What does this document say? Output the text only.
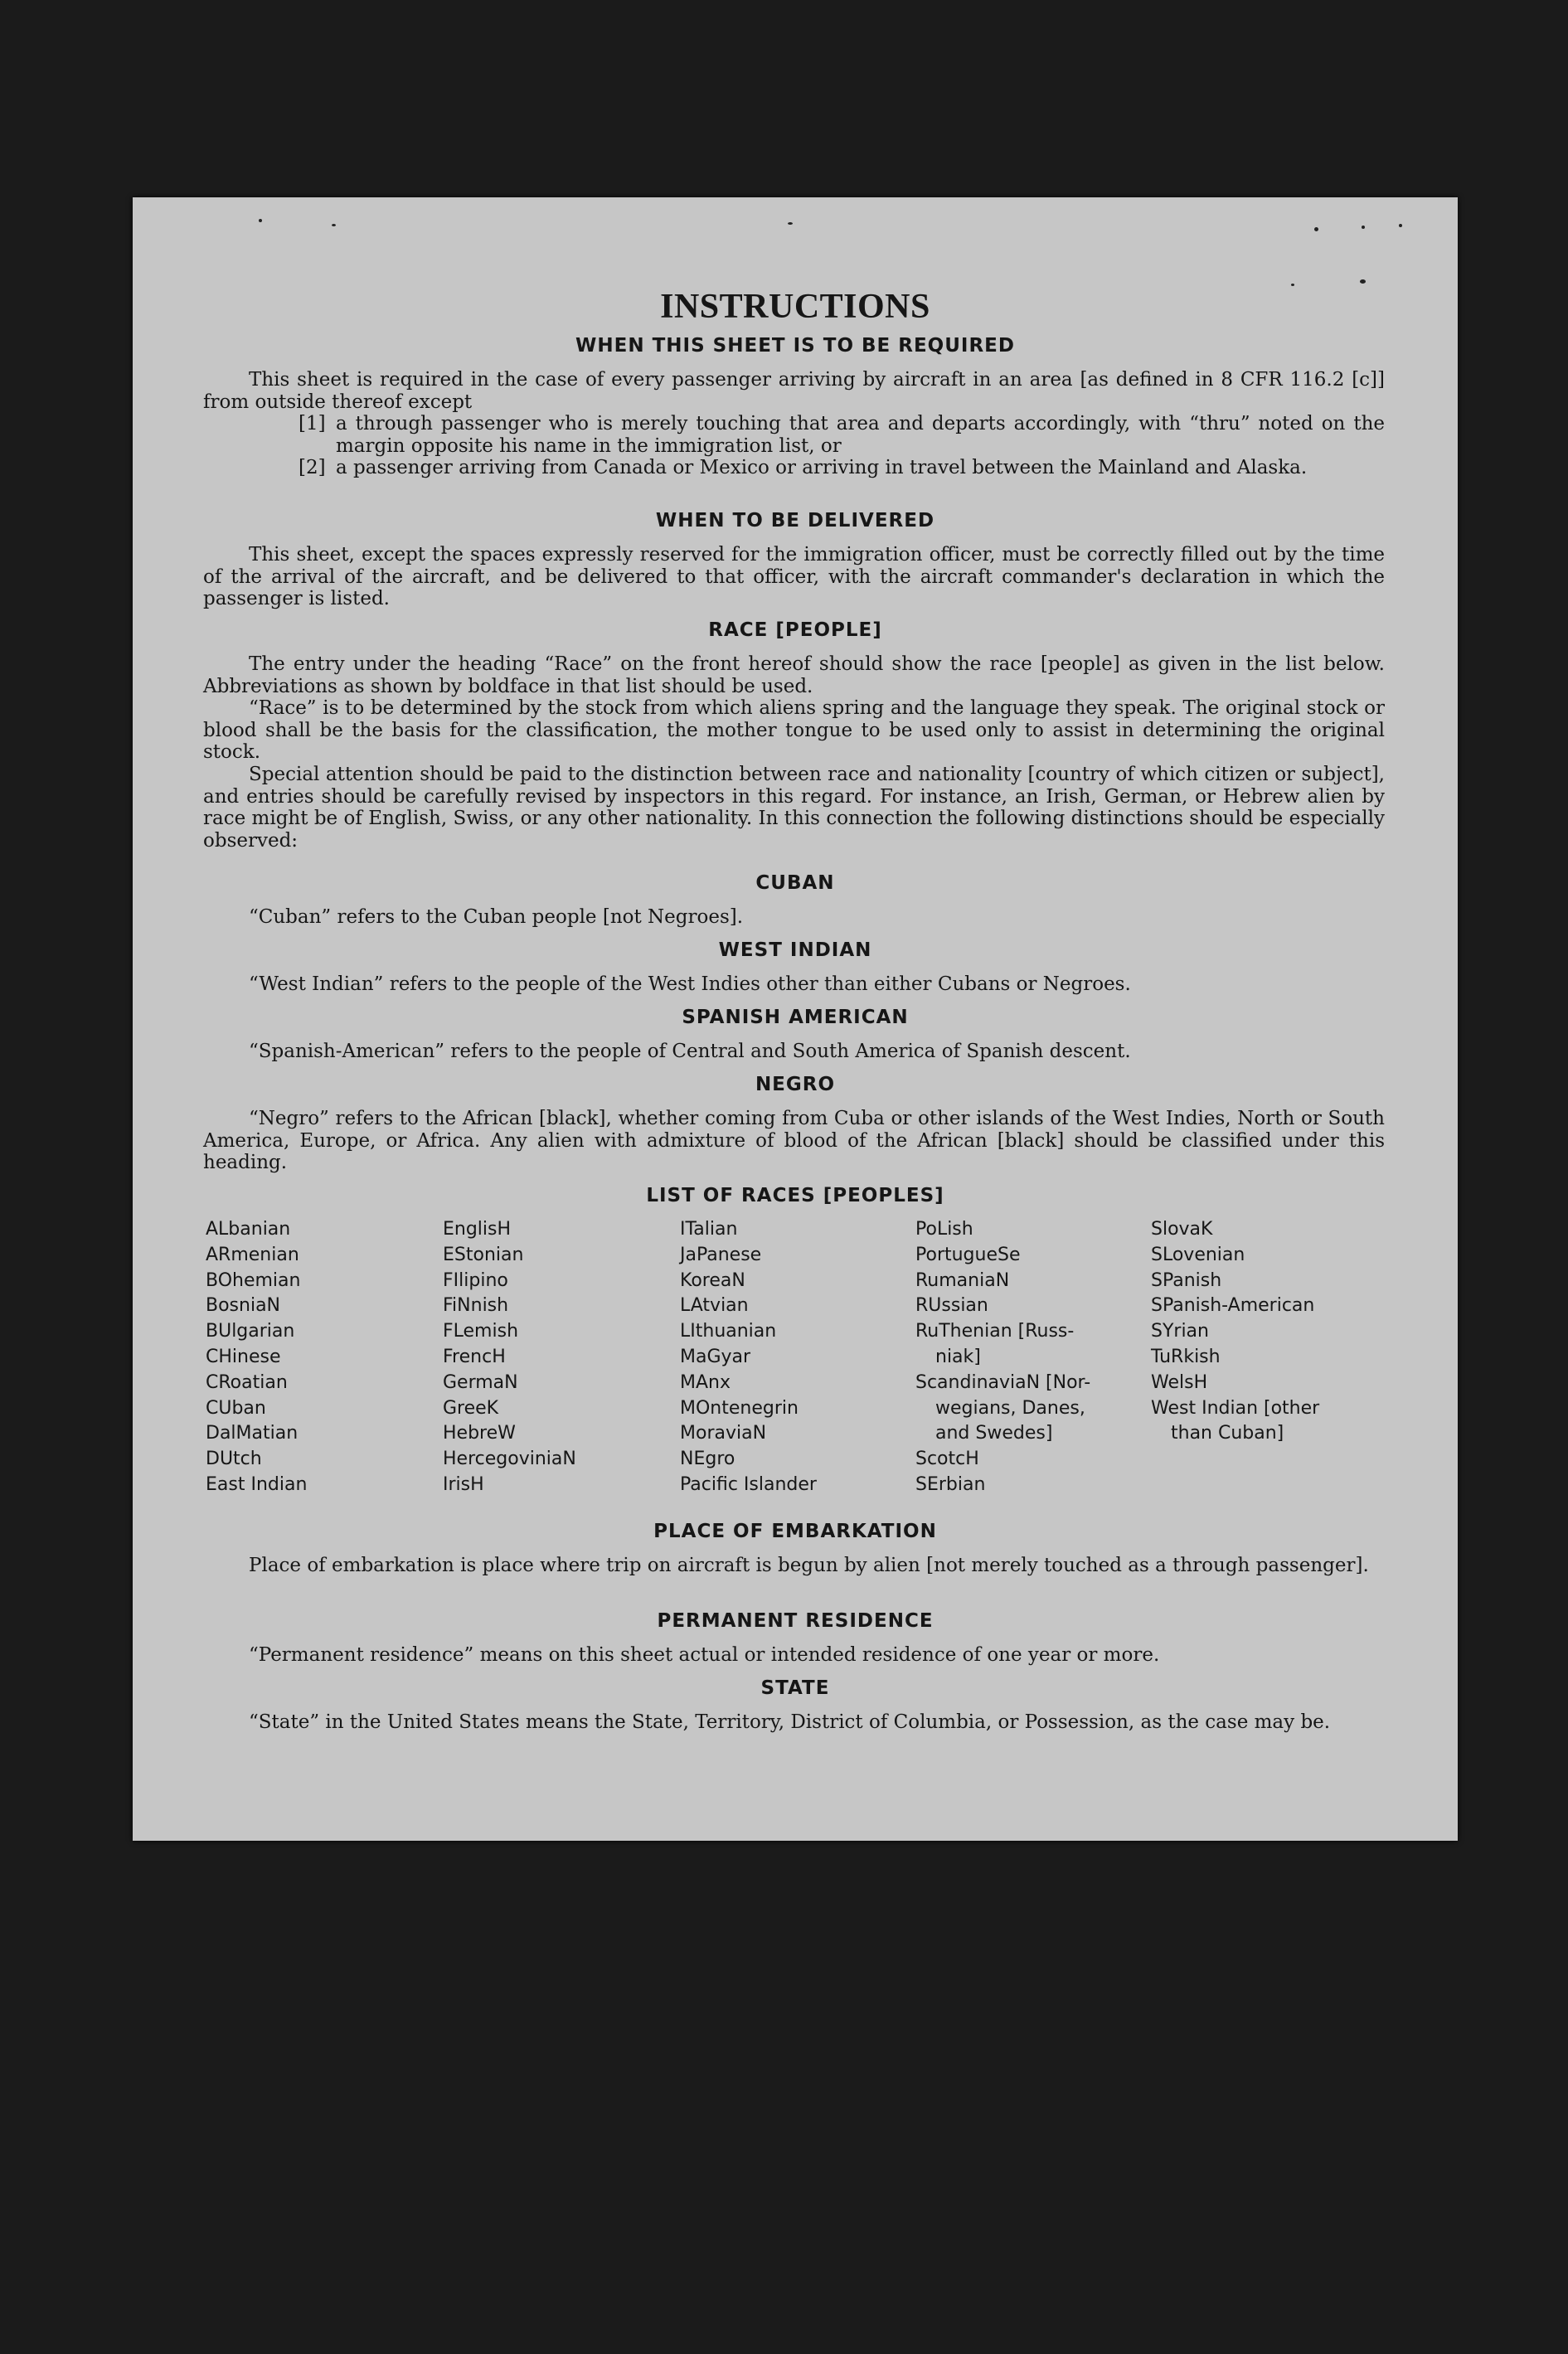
INSTRUCTIONS
WHEN THIS SHEET IS TO BE REQUIRED
This sheet is required in the case of every passenger arriving by aircraft in an area [as defined in 8 CFR 116.2 [c]] from outside thereof except
[1] a through passenger who is merely touching that area and departs accordingly, with “thru” noted on the margin opposite his name in the immigration list, or
[2] a passenger arriving from Canada or Mexico or arriving in travel between the Mainland and Alaska.
WHEN TO BE DELIVERED
This sheet, except the spaces expressly reserved for the immigration officer, must be correctly filled out by the time of the arrival of the aircraft, and be delivered to that officer, with the aircraft commander's declaration in which the passenger is listed.
RACE [PEOPLE]
The entry under the heading “Race” on the front hereof should show the race [people] as given in the list below. Abbreviations as shown by boldface in that list should be used.
“Race” is to be determined by the stock from which aliens spring and the language they speak. The original stock or blood shall be the basis for the classification, the mother tongue to be used only to assist in determining the original stock.
Special attention should be paid to the distinction between race and nationality [country of which citizen or subject], and entries should be carefully revised by inspectors in this regard. For instance, an Irish, German, or Hebrew alien by race might be of English, Swiss, or any other nationality. In this connection the following distinctions should be especially observed:
CUBAN
“Cuban” refers to the Cuban people [not Negroes].
WEST INDIAN
“West Indian” refers to the people of the West Indies other than either Cubans or Negroes.
SPANISH AMERICAN
“Spanish-American” refers to the people of Central and South America of Spanish descent.
NEGRO
“Negro” refers to the African [black], whether coming from Cuba or other islands of the West Indies, North or South America, Europe, or Africa. Any alien with admixture of blood of the African [black] should be classified under this heading.
LIST OF RACES [PEOPLES]
ALbanian
ARmenian
BOhemian
BosniaN
BUlgarian
CHinese
CRoatian
CUban
DalMatian
DUtch
East Indian
EnglisH
EStonian
FIlipino
FiNnish
FLemish
FrencH
GermaN
GreeK
HebreW
HercegoviniaN
IrisH
ITalian
JaPanese
KoreaN
LAtvian
LIthuanian
MaGyar
MAnx
MOntenegrin
MoraviaN
NEgro
Pacific Islander
PoLish
PortugueSe
RumaniaN
RUssian
RuThenian [Russ-
niak]
ScandinaviaN [Nor-
wegians, Danes,
and Swedes]
ScotcH
SErbian
SlovaK
SLovenian
SPanish
SPanish-American
SYrian
TuRkish
WelsH
West Indian [other
than Cuban]
PLACE OF EMBARKATION
Place of embarkation is place where trip on aircraft is begun by alien [not merely touched as a through passenger].
PERMANENT RESIDENCE
“Permanent residence” means on this sheet actual or intended residence of one year or more.
STATE
“State” in the United States means the State, Territory, District of Columbia, or Possession, as the case may be.
